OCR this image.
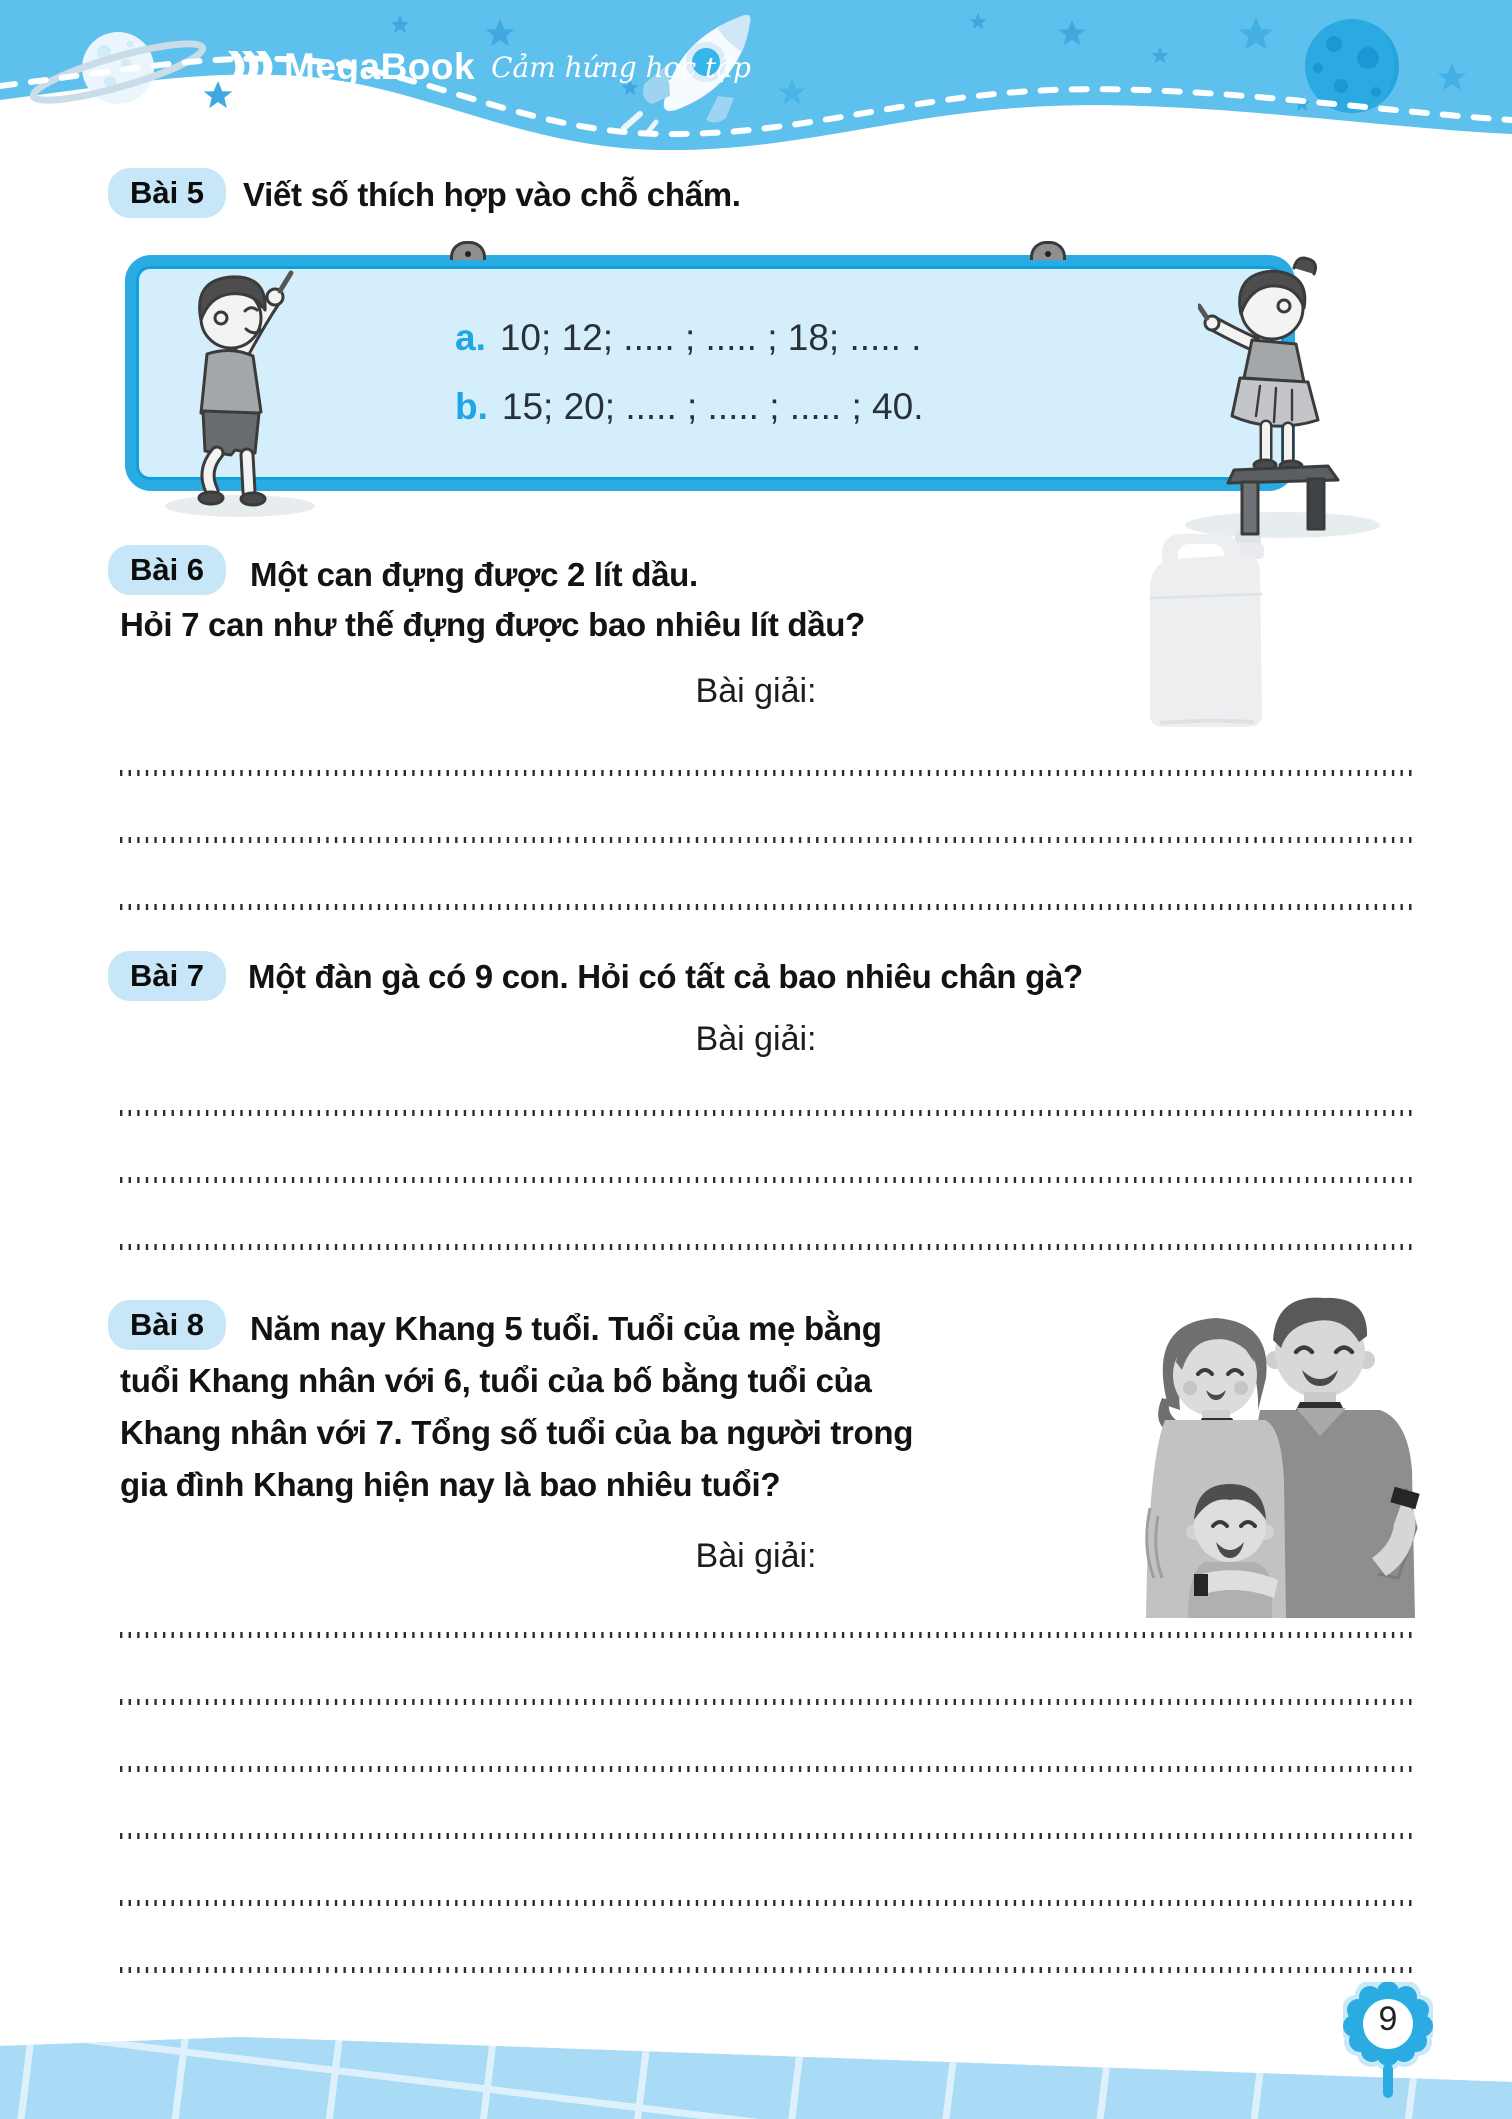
MegaBook Cảm hứng học tập
Bài 5	Viết số thích hợp vào chỗ chấm.
a. 10; 12; ..... ; ..... ; 18; ..... .
b. 15; 20; ..... ; ..... ; ..... ; 40.
Bài 6	Một can đựng được 2 lít dầu.
Hỏi 7 can như thế đựng được bao nhiêu lít dầu?
Bài giải:
Bài 7	Một đàn gà có 9 con. Hỏi có tất cả bao nhiêu chân gà?
Bài giải:
Bài 8	Năm nay Khang 5 tuổi. Tuổi của mẹ bằng
tuổi Khang nhân với 6, tuổi của bố bằng tuổi của
Khang nhân với 7. Tổng số tuổi của ba người trong
gia đình Khang hiện nay là bao nhiêu tuổi?
Bài giải:
9
